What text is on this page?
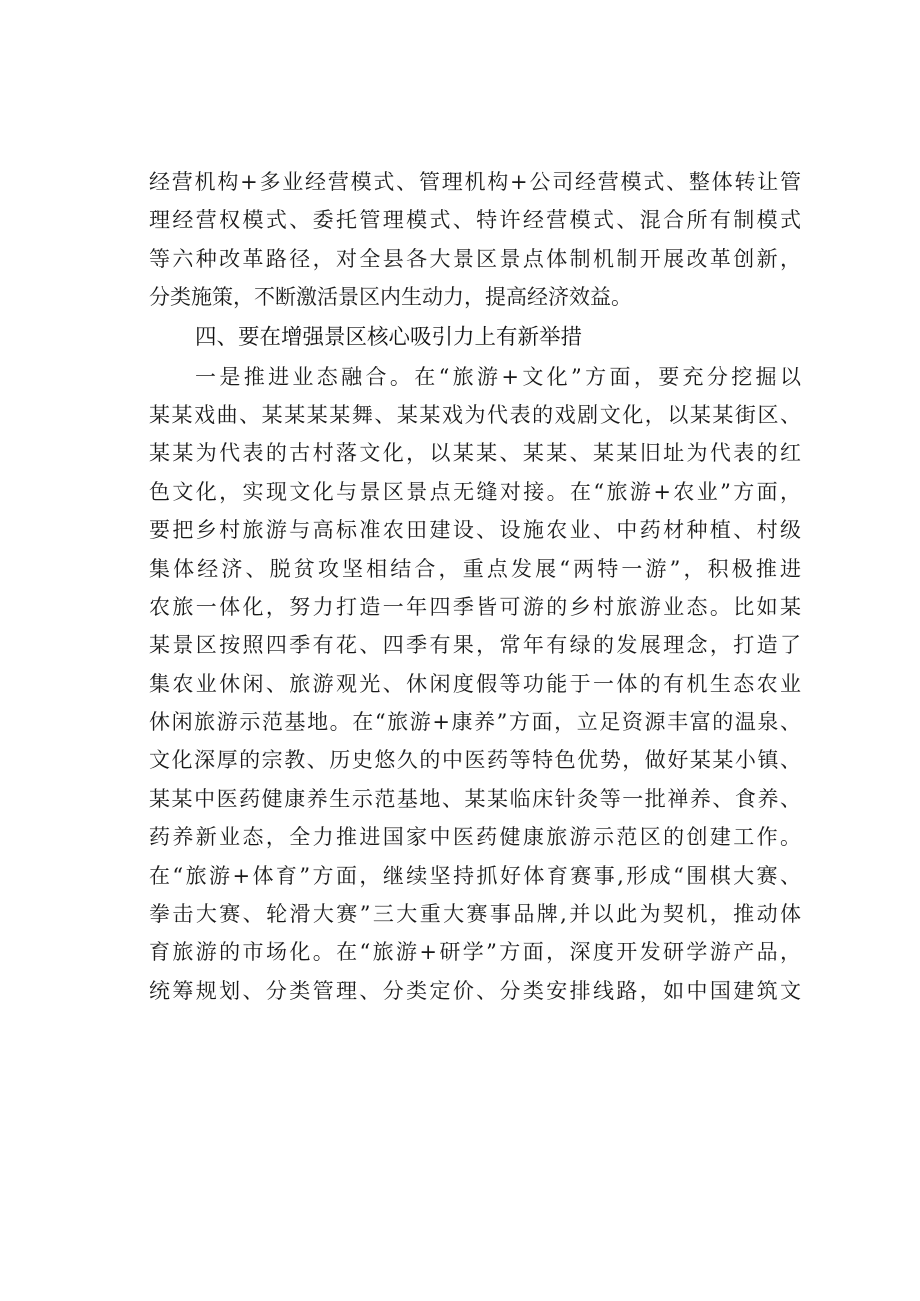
经营机构+多业经营模式、管理机构+公司经营模式、整体转让管
理经营权模式、委托管理模式、特许经营模式、混合所有制模式
等六种改革路径，对全县各大景区景点体制机制开展改革创新，
分类施策，不断激活景区内生动力，提高经济效益。
四、要在增强景区核心吸引力上有新举措
一是推进业态融合。在“旅游+文化”方面，要充分挖掘以
某某戏曲、某某某某舞、某某戏为代表的戏剧文化，以某某街区、
某某为代表的古村落文化，以某某、某某、某某旧址为代表的红
色文化，实现文化与景区景点无缝对接。在“旅游+农业”方面，
要把乡村旅游与高标准农田建设、设施农业、中药材种植、村级
集体经济、脱贫攻坚相结合，重点发展“两特一游”，积极推进
农旅一体化，努力打造一年四季皆可游的乡村旅游业态。比如某
某景区按照四季有花、四季有果，常年有绿的发展理念，打造了
集农业休闲、旅游观光、休闲度假等功能于一体的有机生态农业
休闲旅游示范基地。在“旅游+康养”方面，立足资源丰富的温泉、
文化深厚的宗教、历史悠久的中医药等特色优势，做好某某小镇、
某某中医药健康养生示范基地、某某临床针灸等一批禅养、食养、
药养新业态，全力推进国家中医药健康旅游示范区的创建工作。
在“旅游+体育”方面，继续坚持抓好体育赛事,形成“围棋大赛、
拳击大赛、轮滑大赛”三大重大赛事品牌,并以此为契机，推动体
育旅游的市场化。在“旅游+研学”方面，深度开发研学游产品，
统筹规划、分类管理、分类定价、分类安排线路，如中国建筑文
